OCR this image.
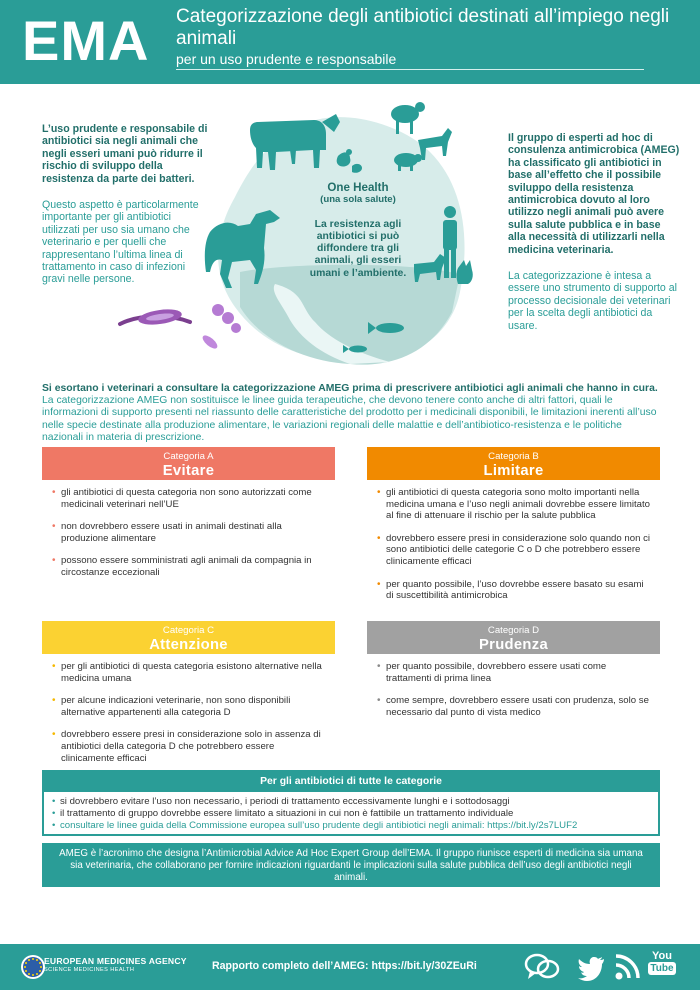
EMA Categorizzazione degli antibiotici destinati all’impiego negli animali
per un uso prudente e responsabile

L’uso prudente e responsabile di antibiotici sia negli animali che negli esseri umani può ridurre il rischio di sviluppo della resistenza da parte dei batteri.

Questo aspetto è particolarmente importante per gli antibiotici utilizzati per uso sia umano che veterinario e per quelli che rappresentano l’ultima linea di trattamento in caso di infezioni gravi nelle persone.

One Health
(una sola salute)
La resistenza agli antibiotici si può diffondere tra gli animali, gli esseri umani e l’ambiente.

Il gruppo di esperti ad hoc di consulenza antimicrobica (AMEG) ha classificato gli antibiotici in base all’effetto che il possibile sviluppo della resistenza antimicrobica dovuto al loro utilizzo negli animali può avere sulla salute pubblica e in base alla necessità di utilizzarli nella medicina veterinaria.

La categorizzazione è intesa a essere uno strumento di supporto al processo decisionale dei veterinari per la scelta degli antibiotici da usare.

Si esortano i veterinari a consultare la categorizzazione AMEG prima di prescrivere antibiotici agli animali che hanno in cura. La categorizzazione AMEG non sostituisce le linee guida terapeutiche, che devono tenere conto anche di altri fattori, quali le informazioni di supporto presenti nel riassunto delle caratteristiche del prodotto per i medicinali disponibili, le limitazioni inerenti all’uso nelle specie destinate alla produzione alimentare, le variazioni regionali delle malattie e dell’antibiotico-resistenza e le politiche nazionali in materia di prescrizione.
Categoria A
Evitare
• gli antibiotici di questa categoria non sono autorizzati come medicinali veterinari nell’UE
• non dovrebbero essere usati in animali destinati alla produzione alimentare
• possono essere somministrati agli animali da compagnia in circostanze eccezionali
Categoria B
Limitare
• gli antibiotici di questa categoria sono molto importanti nella medicina umana e l’uso negli animali dovrebbe essere limitato al fine di attenuare il rischio per la salute pubblica
• dovrebbero essere presi in considerazione solo quando non ci sono antibiotici delle categorie C o D che potrebbero essere clinicamente efficaci
• per quanto possibile, l’uso dovrebbe essere basato su esami di suscettibilità antimicrobica
Categoria C
Attenzione
• per gli antibiotici di questa categoria esistono alternative nella medicina umana
• per alcune indicazioni veterinarie, non sono disponibili alternative appartenenti alla categoria D
• dovrebbero essere presi in considerazione solo in assenza di antibiotici della categoria D che potrebbero essere clinicamente efficaci
Categoria D
Prudenza
• per quanto possibile, dovrebbero essere usati come trattamenti di prima linea
• come sempre, dovrebbero essere usati con prudenza, solo se necessario dal punto di vista medico
Per gli antibiotici di tutte le categorie
• si dovrebbero evitare l’uso non necessario, i periodi di trattamento eccessivamente lunghi e i sottodosaggi
• il trattamento di gruppo dovrebbe essere limitato a situazioni in cui non è fattibile un trattamento individuale
• consultare le linee guida della Commissione europea sull’uso prudente degli antibiotici negli animali: https://bit.ly/2s7LUF2
AMEG è l’acronimo che designa l’Antimicrobial Advice Ad Hoc Expert Group dell’EMA. Il gruppo riunisce esperti di medicina sia umana sia veterinaria, che collaborano per fornire indicazioni riguardanti le implicazioni sulla salute pubblica dell’uso degli antibiotici negli animali.
EUROPEAN MEDICINES AGENCY
SCIENCE MEDICINES HEALTH	Rapporto completo dell’AMEG: https://bit.ly/30ZEuRi
You
Tube
